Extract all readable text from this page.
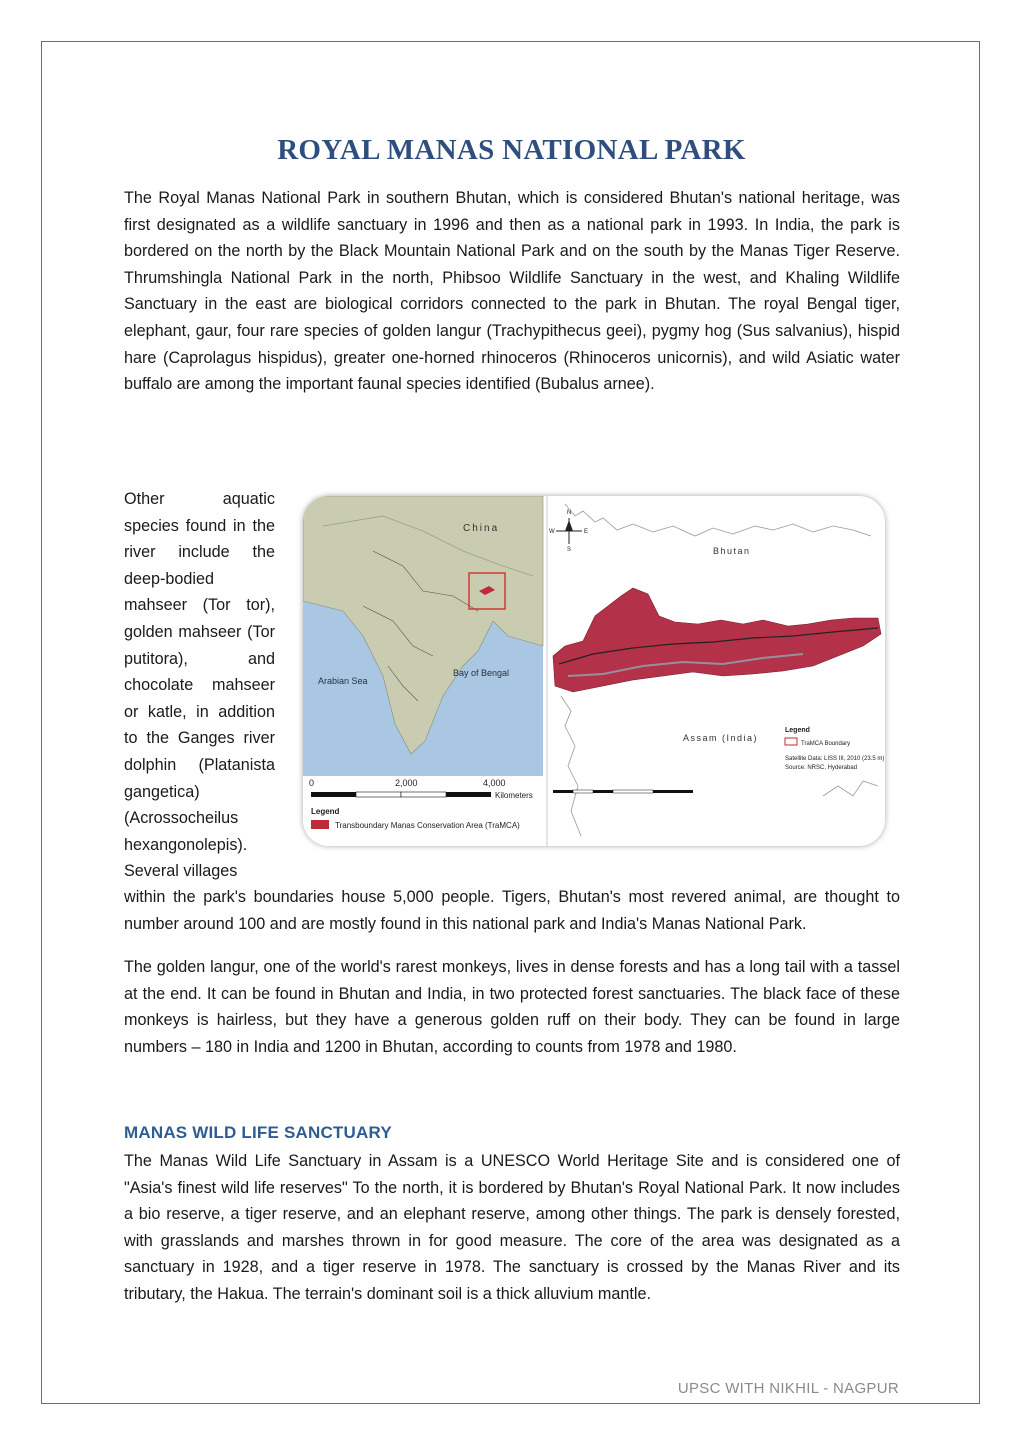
ROYAL MANAS NATIONAL PARK

The Royal Manas National Park in southern Bhutan, which is considered Bhutan's national heritage, was first designated as a wildlife sanctuary in 1996 and then as a national park in 1993. In India, the park is bordered on the north by the Black Mountain National Park and on the south by the Manas Tiger Reserve. Thrumshingla National Park in the north, Phibsoo Wildlife Sanctuary in the west, and Khaling Wildlife Sanctuary in the east are biological corridors connected to the park in Bhutan. The royal Bengal tiger, elephant, gaur, four rare species of golden langur (Trachypithecus geei), pygmy hog (Sus salvanius), hispid hare (Caprolagus hispidus), greater one-horned rhinoceros (Rhinoceros unicornis), and wild Asiatic water buffalo are among the important faunal species identified (Bubalus arnee).

Other aquatic species found in the river include the deep-bodied mahseer (Tor tor), golden mahseer (Tor putitora), and chocolate mahseer or katle, in addition to the Ganges river dolphin (Platanista gangetica) (Acrossocheilus hexangonolepis). Several villages

China
Arabian Sea
Bay of Bengal
0	2,000	4,000
Kilometers
Legend
Transboundary Manas Conservation Area (TraMCA)
Bhutan
Assam (India)
N
S
E
W
Legend
TraMCA Boundary
Satellite Data: LISS III, 2010 (23.5 m)
Source: NRSC, Hyderabad

within the park's boundaries house 5,000 people. Tigers, Bhutan's most revered animal, are thought to number around 100 and are mostly found in this national park and India's Manas National Park.

The golden langur, one of the world's rarest monkeys, lives in dense forests and has a long tail with a tassel at the end. It can be found in Bhutan and India, in two protected forest sanctuaries. The black face of these monkeys is hairless, but they have a generous golden ruff on their body. They can be found in large numbers – 180 in India and 1200 in Bhutan, according to counts from 1978 and 1980.

MANAS WILD LIFE SANCTUARY

The Manas Wild Life Sanctuary in Assam is a UNESCO World Heritage Site and is considered one of "Asia's finest wild life reserves" To the north, it is bordered by Bhutan's Royal National Park. It now includes a bio reserve, a tiger reserve, and an elephant reserve, among other things. The park is densely forested, with grasslands and marshes thrown in for good measure. The core of the area was designated as a sanctuary in 1928, and a tiger reserve in 1978. The sanctuary is crossed by the Manas River and its tributary, the Hakua. The terrain's dominant soil is a thick alluvium mantle.

UPSC WITH NIKHIL - NAGPUR
